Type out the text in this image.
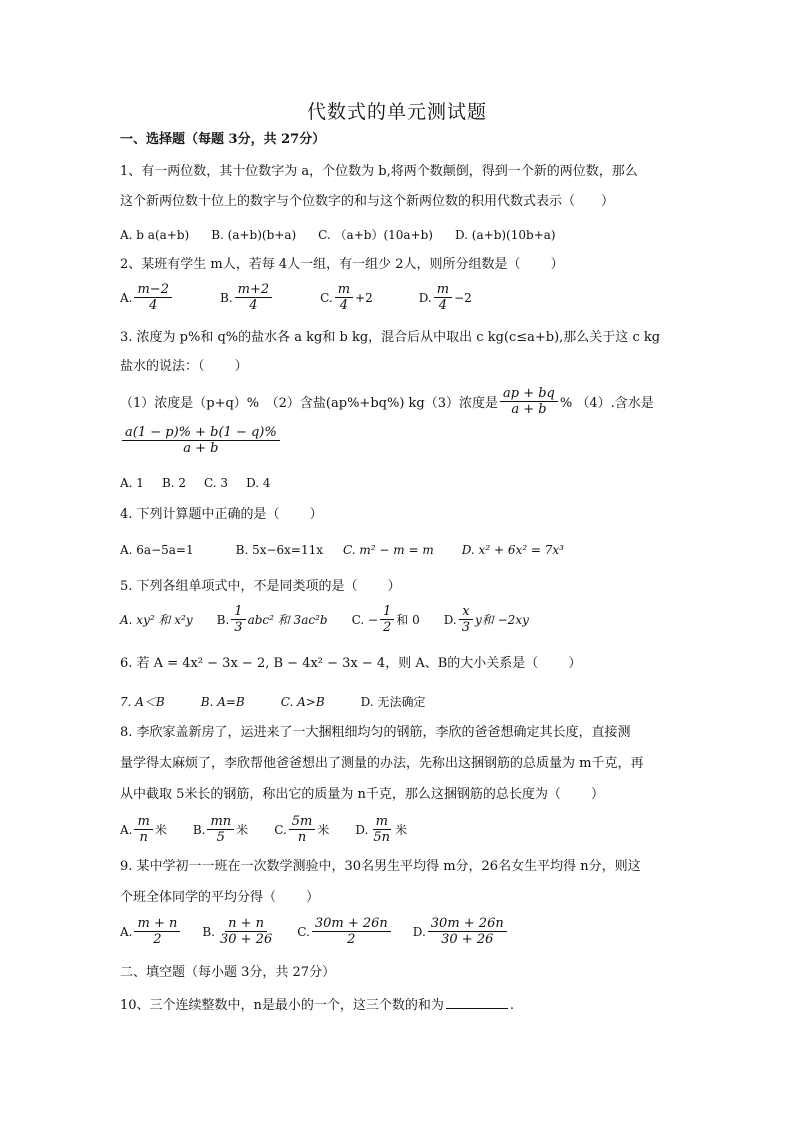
代数式的单元测试题
一、选择题（每题 3分，共 27分）
1、有一两位数，其十位数字为 a，个位数为 b,将两个数颠倒，得到一个新的两位数，那么
这个新两位数十位上的数字与个位数字的和与这个新两位数的积用代数式表示（　　）
A. b a(a+b) B. (a+b)(b+a) C. （a+b）(10a+b) D. (a+b)(10b+a)
2、某班有学生 m人，若每 4人一组，有一组少 2人，则所分组数是（　　 ）
A. $\frac{m-2}{4}$	B. $\frac{m+2}{4}$	C. $\frac{m}{4} +2$	D. $\frac{m}{4} -2$
3. 浓度为 p%和 q%的盐水各 a kg和 b kg，混合后从中取出 c kg(c≤a+b),那么关于这 c kg
盐水的说法：（　　 ）
（1）浓度是（p+q）%　（2）含盐(ap%+bq%) kg（3）浓度是 $\frac{ap + bq}{a + b}$ % （4）.含水是
$\frac{a(1 - p)\% + b(1 - q)\%}{a + b}$
A. 1 B. 2 C. 3 D. 4
4. 下列计算题中正确的是（　　 ）
A. 6a−5a=1	B. 5x−6x=11x C. m² − m = m D. x² + 6x² = 7x³
5. 下列各组单项式中，不是同类项的是（　　 ）
A. xy² 和 x²y B. $\frac{1}{3} abc^2$ 和 3ac²b C. − $\frac{1}{2}$ 和 0 D. $\frac{x}{3}$ y和 −2xy
6. 若 A = 4x² − 3x − 2, B − 4x² − 3x − 4，则 A、B的大小关系是（　　 ）
7. A＜B	B. A=B	C. A>B	D. 无法确定
8. 李欣家盖新房了，运进来了一大捆粗细均匀的钢筋，李欣的爸爸想确定其长度，直接测
量学得太麻烦了，李欣帮他爸爸想出了测量的办法，先称出这捆钢筋的总质量为 m千克，再
从中截取 5米长的钢筋，称出它的质量为 n千克，那么这捆钢筋的总长度为（　　 ）
A. $\frac{m}{n}$ 米 B. $\frac{mn}{5}$ 米 C. $\frac{5m}{n}$ 米 D. $\frac{m}{5n}$ 米
9. 某中学初一一班在一次数学测验中，30名男生平均得 m分，26名女生平均得 n分，则这
个班全体同学的平均分得（　　 ）
A. $\frac{m + n}{2} B$. $\frac{n + n}{30 + 26} C$. $\frac{30m + 26n}{2} D$. $\frac{30m + 26n}{30 + 26}$
二、填空题（每小题 3分，共 27分）
10、三个连续整数中，n是最小的一个，这三个数的和为	.
